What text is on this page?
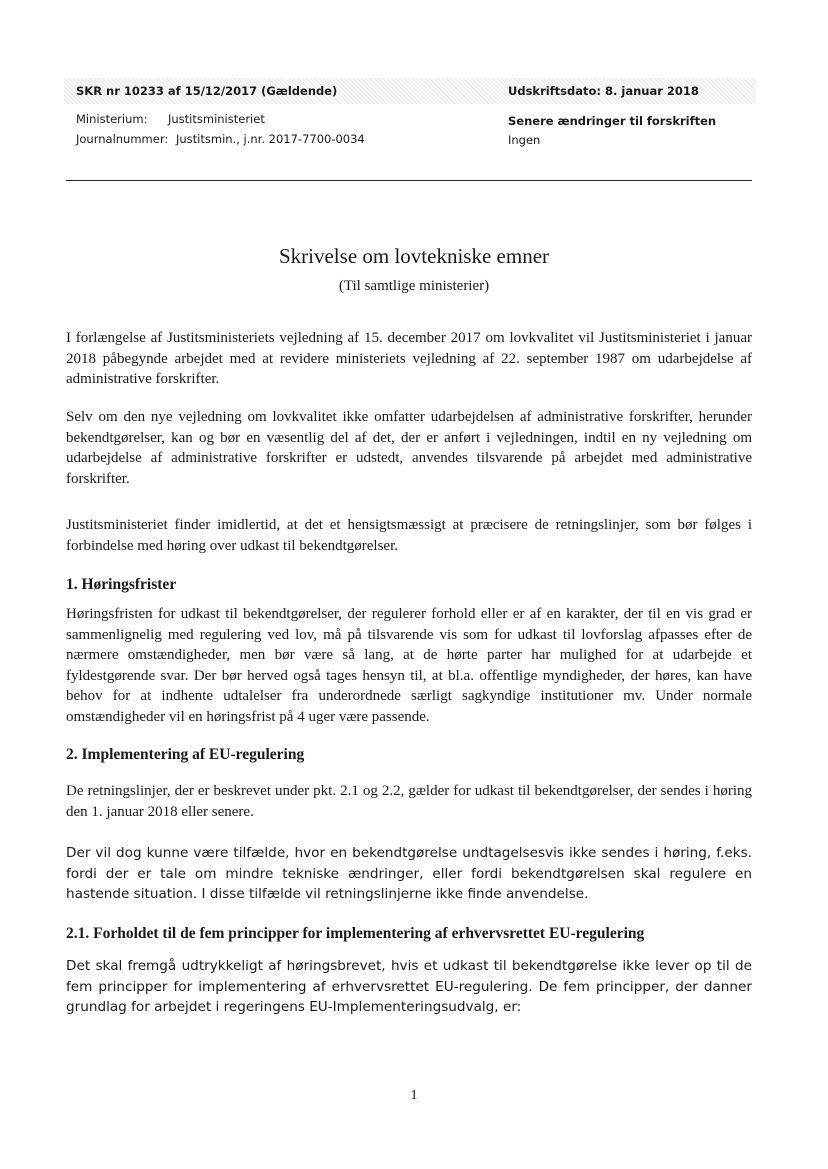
SKR nr 10233 af 15/12/2017 (Gældende)	Udskriftsdato: 8. januar 2018
Ministerium: Justitsministeriet
Journalnummer: Justitsmin., j.nr. 2017-7700-0034
Senere ændringer til forskriften
Ingen
Skrivelse om lovtekniske emner
(Til samtlige ministerier)

I forlængelse af Justitsministeriets vejledning af 15. december 2017 om lovkvalitet vil Justitsministeriet i januar 2018 påbegynde arbejdet med at revidere ministeriets vejledning af 22. september 1987 om udarbejdelse af administrative forskrifter.

Selv om den nye vejledning om lovkvalitet ikke omfatter udarbejdelsen af administrative forskrifter, herunder bekendtgørelser, kan og bør en væsentlig del af det, der er anført i vejledningen, indtil en ny vejledning om udarbejdelse af administrative forskrifter er udstedt, anvendes tilsvarende på arbejdet med administrative forskrifter.

Justitsministeriet finder imidlertid, at det et hensigtsmæssigt at præcisere de retningslinjer, som bør følges i forbindelse med høring over udkast til bekendtgørelser.

1. Høringsfrister

Høringsfristen for udkast til bekendtgørelser, der regulerer forhold eller er af en karakter, der til en vis grad er sammenlignelig med regulering ved lov, må på tilsvarende vis som for udkast til lovforslag afpasses efter de nærmere omstændigheder, men bør være så lang, at de hørte parter har mulighed for at udarbejde et fyldestgørende svar. Der bør herved også tages hensyn til, at bl.a. offentlige myndigheder, der høres, kan have behov for at indhente udtalelser fra underordnede særligt sagkyndige institutioner mv. Under normale omstændigheder vil en høringsfrist på 4 uger være passende.

2. Implementering af EU-regulering

De retningslinjer, der er beskrevet under pkt. 2.1 og 2.2, gælder for udkast til bekendtgørelser, der sendes i høring den 1. januar 2018 eller senere.

Der vil dog kunne være tilfælde, hvor en bekendtgørelse undtagelsesvis ikke sendes i høring, f.eks. fordi der er tale om mindre tekniske ændringer, eller fordi bekendtgørelsen skal regulere en hastende situation. I disse tilfælde vil retningslinjerne ikke finde anvendelse.

2.1. Forholdet til de fem principper for implementering af erhvervsrettet EU-regulering

Det skal fremgå udtrykkeligt af høringsbrevet, hvis et udkast til bekendtgørelse ikke lever op til de fem principper for implementering af erhvervsrettet EU-regulering. De fem principper, der danner grundlag for arbejdet i regeringens EU-Implementeringsudvalg, er:

1
